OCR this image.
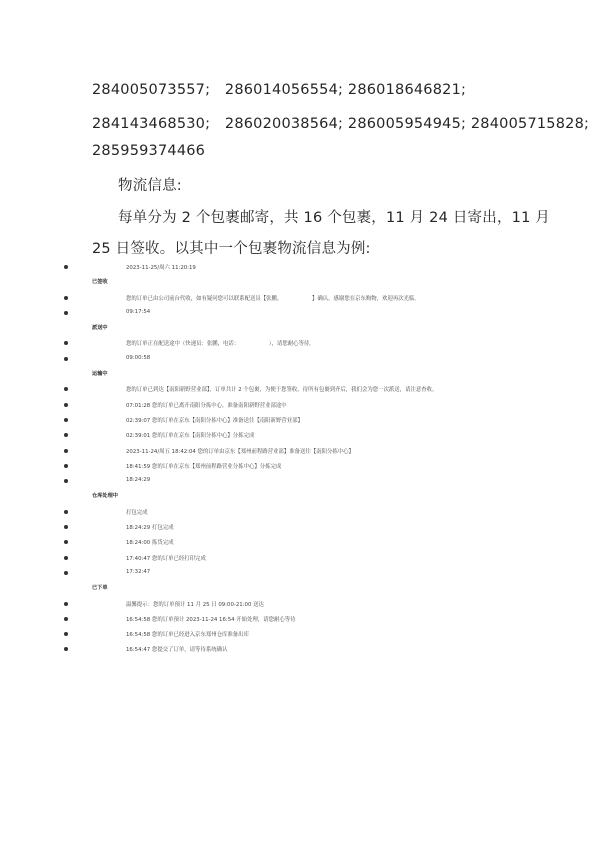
284005073557;　286014056554; 286018646821;
284143468530;　286020038564; 286005954945; 284005715828;
285959374466
物流信息:
每单分为 2 个包裹邮寄，共 16 个包裹，11 月 24 日寄出，11 月
25 日签收。以其中一个包裹物流信息为例:
2023-11-25/周六 11:20:19
已签收
您的订单已由公司前台代收，如有疑问您可以联系配送员【张鹏，　　　　　　】确认。感谢您在京东购物，欢迎再次光临。
09:17:54
派送中
您的订单正在配送途中（快递员：张鹏，电话：　　　　　　），请您耐心等待。
09:00:58
运输中
您的订单已到达【南阳新野营业部】，订单共计 2 个包裹，为便于您签收，待所有包裹到齐后，我们会为您一次派送，请注意查收。
07:01:28 您的订单已离开南阳分拣中心，准备南阳新野营业部途中
02:39:07 您的订单在京东【南阳分拣中心】准备送往【南阳新野营业部】
02:39:01 您的订单在京东【南阳分拣中心】分拣完成
2023-11-24/周五 18:42:04 您的订单由京东【郑州前程路营业部】准备送往【南阳分拣中心】
18:41:59 您的订单在京东【郑州前程路营业分拣中心】分拣完成
18:24:29
仓库处理中
打包完成
18:24:29 打包完成
18:24:00 拣货完成
17:40:47 您的订单已经打印完成
17:32:47
已下单
温馨提示：您的订单预计 11 月 25 日 09:00-21:00 送达
16:54:58 您的订单预计 2023-11-24 16:54 开始处理，请您耐心等待
16:54:58 您的订单已经进入京东郑州仓库准备出库
16:54:47 您提交了订单，请等待系统确认
